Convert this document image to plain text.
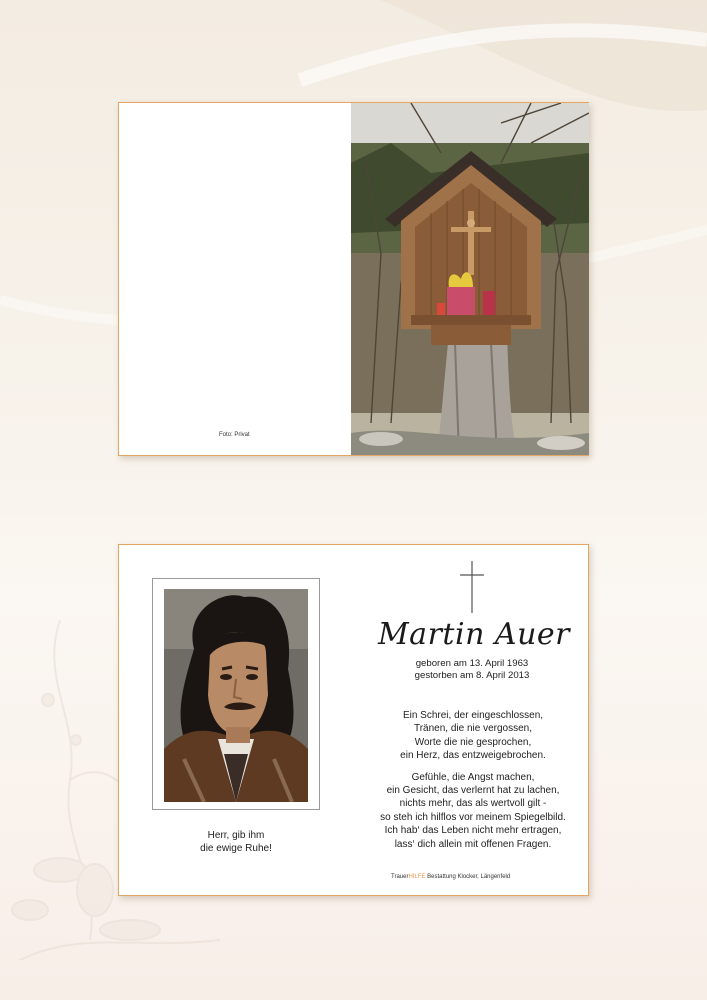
Foto: Privat
Herr, gib ihm
die ewige Ruhe!
Martin Auer
geboren am 13. April 1963
gestorben am 8. April 2013
Ein Schrei, der eingeschlossen,
Tränen, die nie vergossen,
Worte die nie gesprochen,
ein Herz, das entzweigebrochen.
Gefühle, die Angst machen,
ein Gesicht, das verlernt hat zu lachen,
nichts mehr, das als wertvoll gilt -
so steh ich hilflos vor meinem Spiegelbild.
Ich hab‘ das Leben nicht mehr ertragen,
lass‘ dich allein mit offenen Fragen.
TrauerHILFE Bestattung Klocker, Längenfeld
